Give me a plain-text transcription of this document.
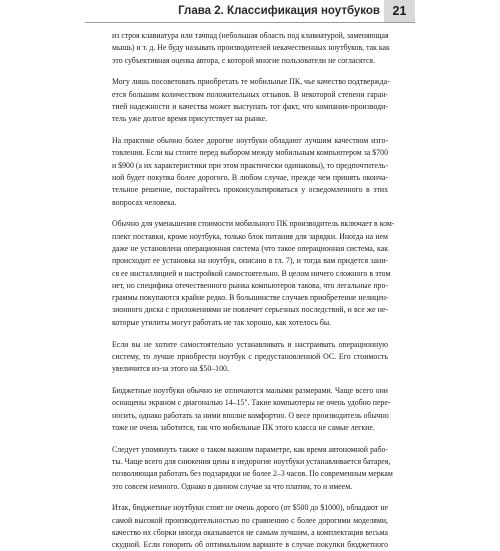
Глава 2. Классификация ноутбуков	21

из строя клавиатура или тачпад (небольшая область под клавиатурой, заменяющая
мышь) и т. д. Не буду называть производителей некачественных ноутбуков, так как
это субъективная оценка автора, с которой многие пользователи не согласятся.

Могу лишь посоветовать приобретать те мобильные ПК, чье качество подтвержда-
ется большим количеством положительных отзывов. В некоторой степени гаран-
тией надежности и качества может выступать тот факт, что компания-производи-
тель уже долгое время присутствует на рынке.

На практике обычно более дорогие ноутбуки обладают лучшим качеством изго-
товления. Если вы стоите перед выбором между мобильным компьютером за $700
и $900 (а их характеристики при этом практически одинаковы), то предпочтитель-
ной будет покупка более дорогого. В любом случае, прежде чем принять оконча-
тельное решение, постарайтесь проконсультироваться у осведомленного в этих
вопросах человека.

Обычно для уменьшения стоимости мобильного ПК производитель включает в ком-
плект поставки, кроме ноутбука, только блок питания для зарядки. Иногда на нем
даже не установлена операционная система (что такое операционная система, как
происходит ее установка на ноутбук, описано в гл. 7), и тогда вам придется зани-
ся ее инсталляцией и настройкой самостоятельно. В целом ничего сложного в этом
нет, но специфика отечественного рынка компьютеров такова, что легальные про-
граммы покупаются крайне редко. В большинстве случаев приобретение нелицен-
зионного диска с приложениями не повлечет серьезных последствий, и все же не-
которые утилиты могут работать не так хорошо, как хотелось бы.

Если вы не хотите самостоятельно устанавливать и настраивать операционную
систему, то лучше приобрести ноутбук с предустановленной ОС. Его стоимость
увеличится из-за этого на $50–100.

Бюджетные ноутбуки обычно не отличаются малыми размерами. Чаще всего они
оснащены экраном с диагональю 14–15". Такие компьютеры не очень удобно пере-
носить, однако работать за ними вполне комфортно. О весе производитель обычно
тоже не очень заботится, так что мобильные ПК этого класса не самые легкие.

Следует упомянуть также о таком важном параметре, как время автономной рабо-
ты. Чаще всего для снижения цены в недорогие ноутбуки устанавливается батарея,
позволяющая работать без подзарядки не более 2–3 часов. По современным меркам
это совсем немного. Однако в данном случае за что платим, то и имеем.

Итак, бюджетные ноутбуки стоят не очень дорого (от $500 до $1000), обладают не
самой высокой производительностью по сравнению с более дорогими моделями,
качество их сборки иногда оказывается не самым лучшим, а комплектация весьма
скудной. Если говорить об оптимальном варианте в случае покупки бюджетного
